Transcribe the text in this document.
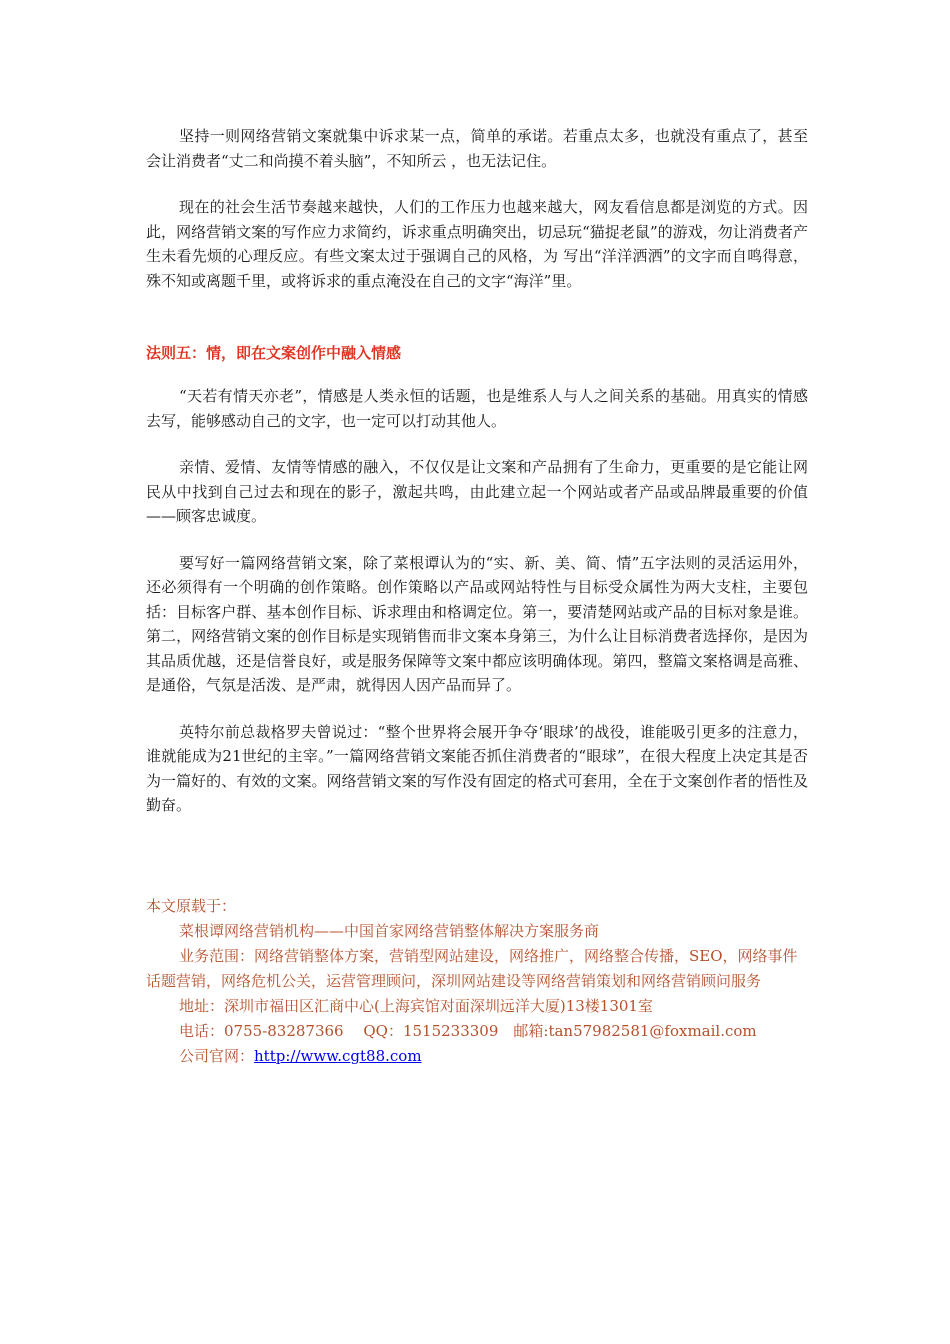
坚持一则网络营销文案就集中诉求某一点，简单的承诺。若重点太多，也就没有重点了，甚至会让消费者“丈二和尚摸不着头脑”，不知所云 ，也无法记住。

现在的社会生活节奏越来越快，人们的工作压力也越来越大，网友看信息都是浏览的方式。因此，网络营销文案的写作应力求简约，诉求重点明确突出，切忌玩“猫捉老鼠”的游戏，勿让消费者产生未看先烦的心理反应。有些文案太过于强调自己的风格，为 写出“洋洋洒洒”的文字而自鸣得意，殊不知或离题千里，或将诉求的重点淹没在自己的文字“海洋”里。

法则五：情，即在文案创作中融入情感

“天若有情天亦老”，情感是人类永恒的话题，也是维系人与人之间关系的基础。用真实的情感去写，能够感动自己的文字，也一定可以打动其他人。

亲情、爱情、友情等情感的融入，不仅仅是让文案和产品拥有了生命力，更重要的是它能让网民从中找到自己过去和现在的影子，激起共鸣，由此建立起一个网站或者产品或品牌最重要的价值——顾客忠诚度。

要写好一篇网络营销文案，除了菜根谭认为的“实、新、美、简、情”五字法则的灵活运用外，还必须得有一个明确的创作策略。创作策略以产品或网站特性与目标受众属性为两大支柱，主要包括：目标客户群、基本创作目标、诉求理由和格调定位。第一，要清楚网站或产品的目标对象是谁。第二，网络营销文案的创作目标是实现销售而非文案本身第三，为什么让目标消费者选择你，是因为其品质优越，还是信誉良好，或是服务保障等文案中都应该明确体现。第四，整篇文案格调是高雅、是通俗，气氛是活泼、是严肃，就得因人因产品而异了。

英特尔前总裁格罗夫曾说过：“整个世界将会展开争夺‘眼球’的战役，谁能吸引更多的注意力，谁就能成为21世纪的主宰。”一篇网络营销文案能否抓住消费者的“眼球”，在很大程度上决定其是否为一篇好的、有效的文案。网络营销文案的写作没有固定的格式可套用，全在于文案创作者的悟性及勤奋。

本文原载于：

菜根谭网络营销机构——中国首家网络营销整体解决方案服务商

业务范围：网络营销整体方案，营销型网站建设，网络推广，网络整合传播，SEO，网络事件话题营销，网络危机公关，运营管理顾问，深圳网站建设等网络营销策划和网络营销顾问服务

地址：深圳市福田区汇商中心(上海宾馆对面深圳远洋大厦)13楼1301室

电话：0755-83287366　 QQ：1515233309　邮箱:tan57982581@foxmail.com

公司官网：http://www.cgt88.com
